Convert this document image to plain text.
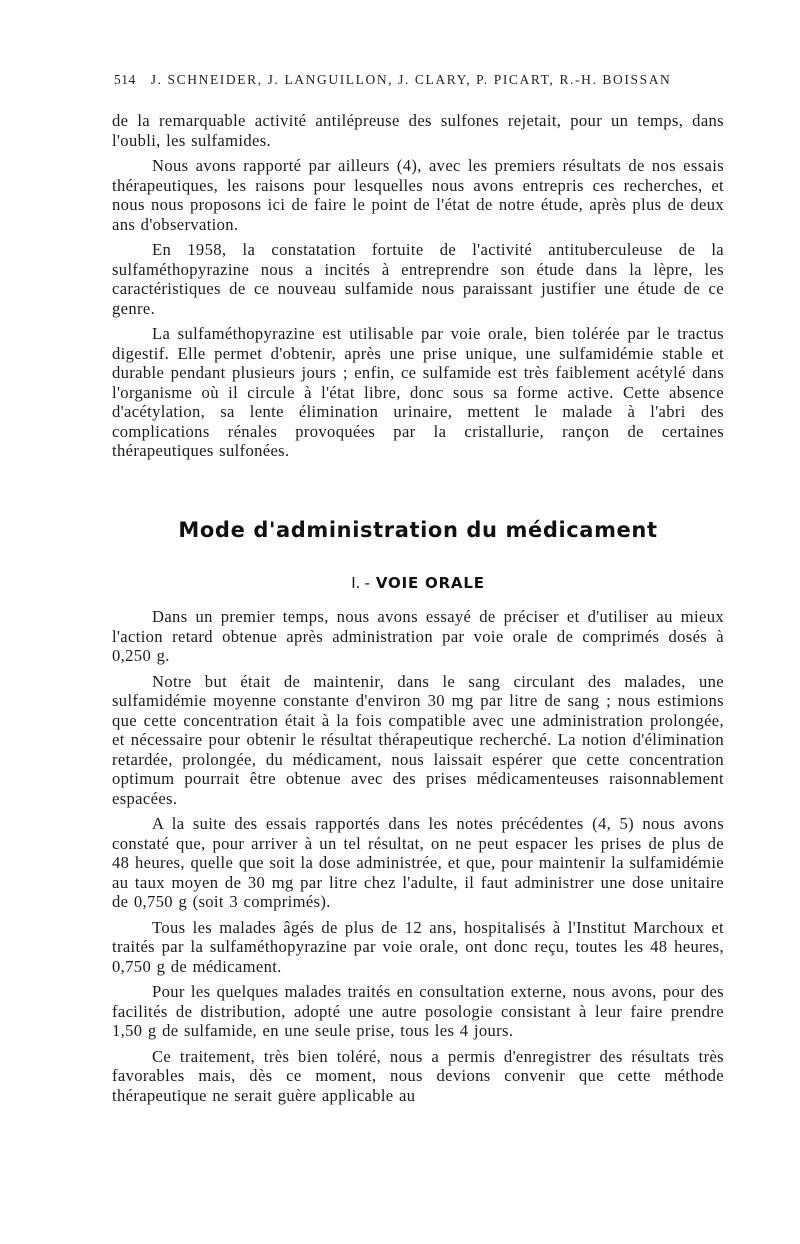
514 J. SCHNEIDER, J. LANGUILLON, J. CLARY, P. PICART, R.-H. BOISSAN

de la remarquable activité antilépreuse des sulfones rejetait, pour un temps, dans l'oubli, les sulfamides.

Nous avons rapporté par ailleurs (4), avec les premiers résultats de nos essais thérapeutiques, les raisons pour lesquelles nous avons entrepris ces recherches, et nous nous proposons ici de faire le point de l'état de notre étude, après plus de deux ans d'observation.

En 1958, la constatation fortuite de l'activité antituberculeuse de la sulfaméthopyrazine nous a incités à entreprendre son étude dans la lèpre, les caractéristiques de ce nouveau sulfamide nous paraissant justifier une étude de ce genre.

La sulfaméthopyrazine est utilisable par voie orale, bien tolérée par le tractus digestif. Elle permet d'obtenir, après une prise unique, une sulfamidémie stable et durable pendant plusieurs jours ; enfin, ce sulfamide est très faiblement acétylé dans l'organisme où il circule à l'état libre, donc sous sa forme active. Cette absence d'acétylation, sa lente élimination urinaire, mettent le malade à l'abri des complications rénales provoquées par la cristallurie, rançon de certaines thérapeutiques sulfonées.

Mode d'administration du médicament
I. - VOIE ORALE

Dans un premier temps, nous avons essayé de préciser et d'utiliser au mieux l'action retard obtenue après administration par voie orale de comprimés dosés à 0,250 g.

Notre but était de maintenir, dans le sang circulant des malades, une sulfamidémie moyenne constante d'environ 30 mg par litre de sang ; nous estimions que cette concentration était à la fois compatible avec une administration prolongée, et nécessaire pour obtenir le résultat thérapeutique recherché. La notion d'élimination retardée, prolongée, du médicament, nous laissait espérer que cette concentration optimum pourrait être obtenue avec des prises médicamenteuses raisonnablement espacées.

A la suite des essais rapportés dans les notes précédentes (4, 5) nous avons constaté que, pour arriver à un tel résultat, on ne peut espacer les prises de plus de 48 heures, quelle que soit la dose administrée, et que, pour maintenir la sulfamidémie au taux moyen de 30 mg par litre chez l'adulte, il faut administrer une dose unitaire de 0,750 g (soit 3 comprimés).

Tous les malades âgés de plus de 12 ans, hospitalisés à l'Institut Marchoux et traités par la sulfaméthopyrazine par voie orale, ont donc reçu, toutes les 48 heures, 0,750 g de médicament.

Pour les quelques malades traités en consultation externe, nous avons, pour des facilités de distribution, adopté une autre posologie consistant à leur faire prendre 1,50 g de sulfamide, en une seule prise, tous les 4 jours.

Ce traitement, très bien toléré, nous a permis d'enregistrer des résultats très favorables mais, dès ce moment, nous devions convenir que cette méthode thérapeutique ne serait guère applicable au
